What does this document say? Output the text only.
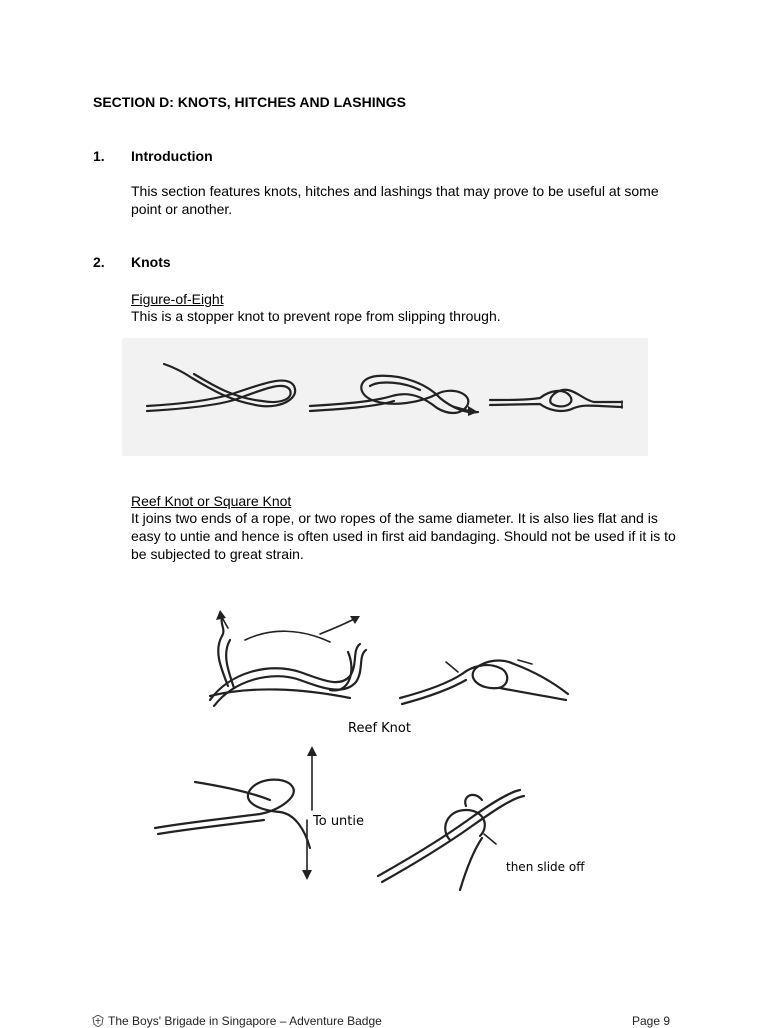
SECTION D: KNOTS, HITCHES AND LASHINGS
1.	Introduction
This section features knots, hitches and lashings that may prove to be useful at some point or another.
2.	Knots
Figure-of-Eight
This is a stopper knot to prevent rope from slipping through.
Reef Knot or Square Knot
It joins two ends of a rope, or two ropes of the same diameter. It is also lies flat and is easy to untie and hence is often used in first aid bandaging. Should not be used if it is to be subjected to great strain.
Reef Knot
To untie
then slide off
The Boys' Brigade in Singapore – Adventure Badge	Page 9
